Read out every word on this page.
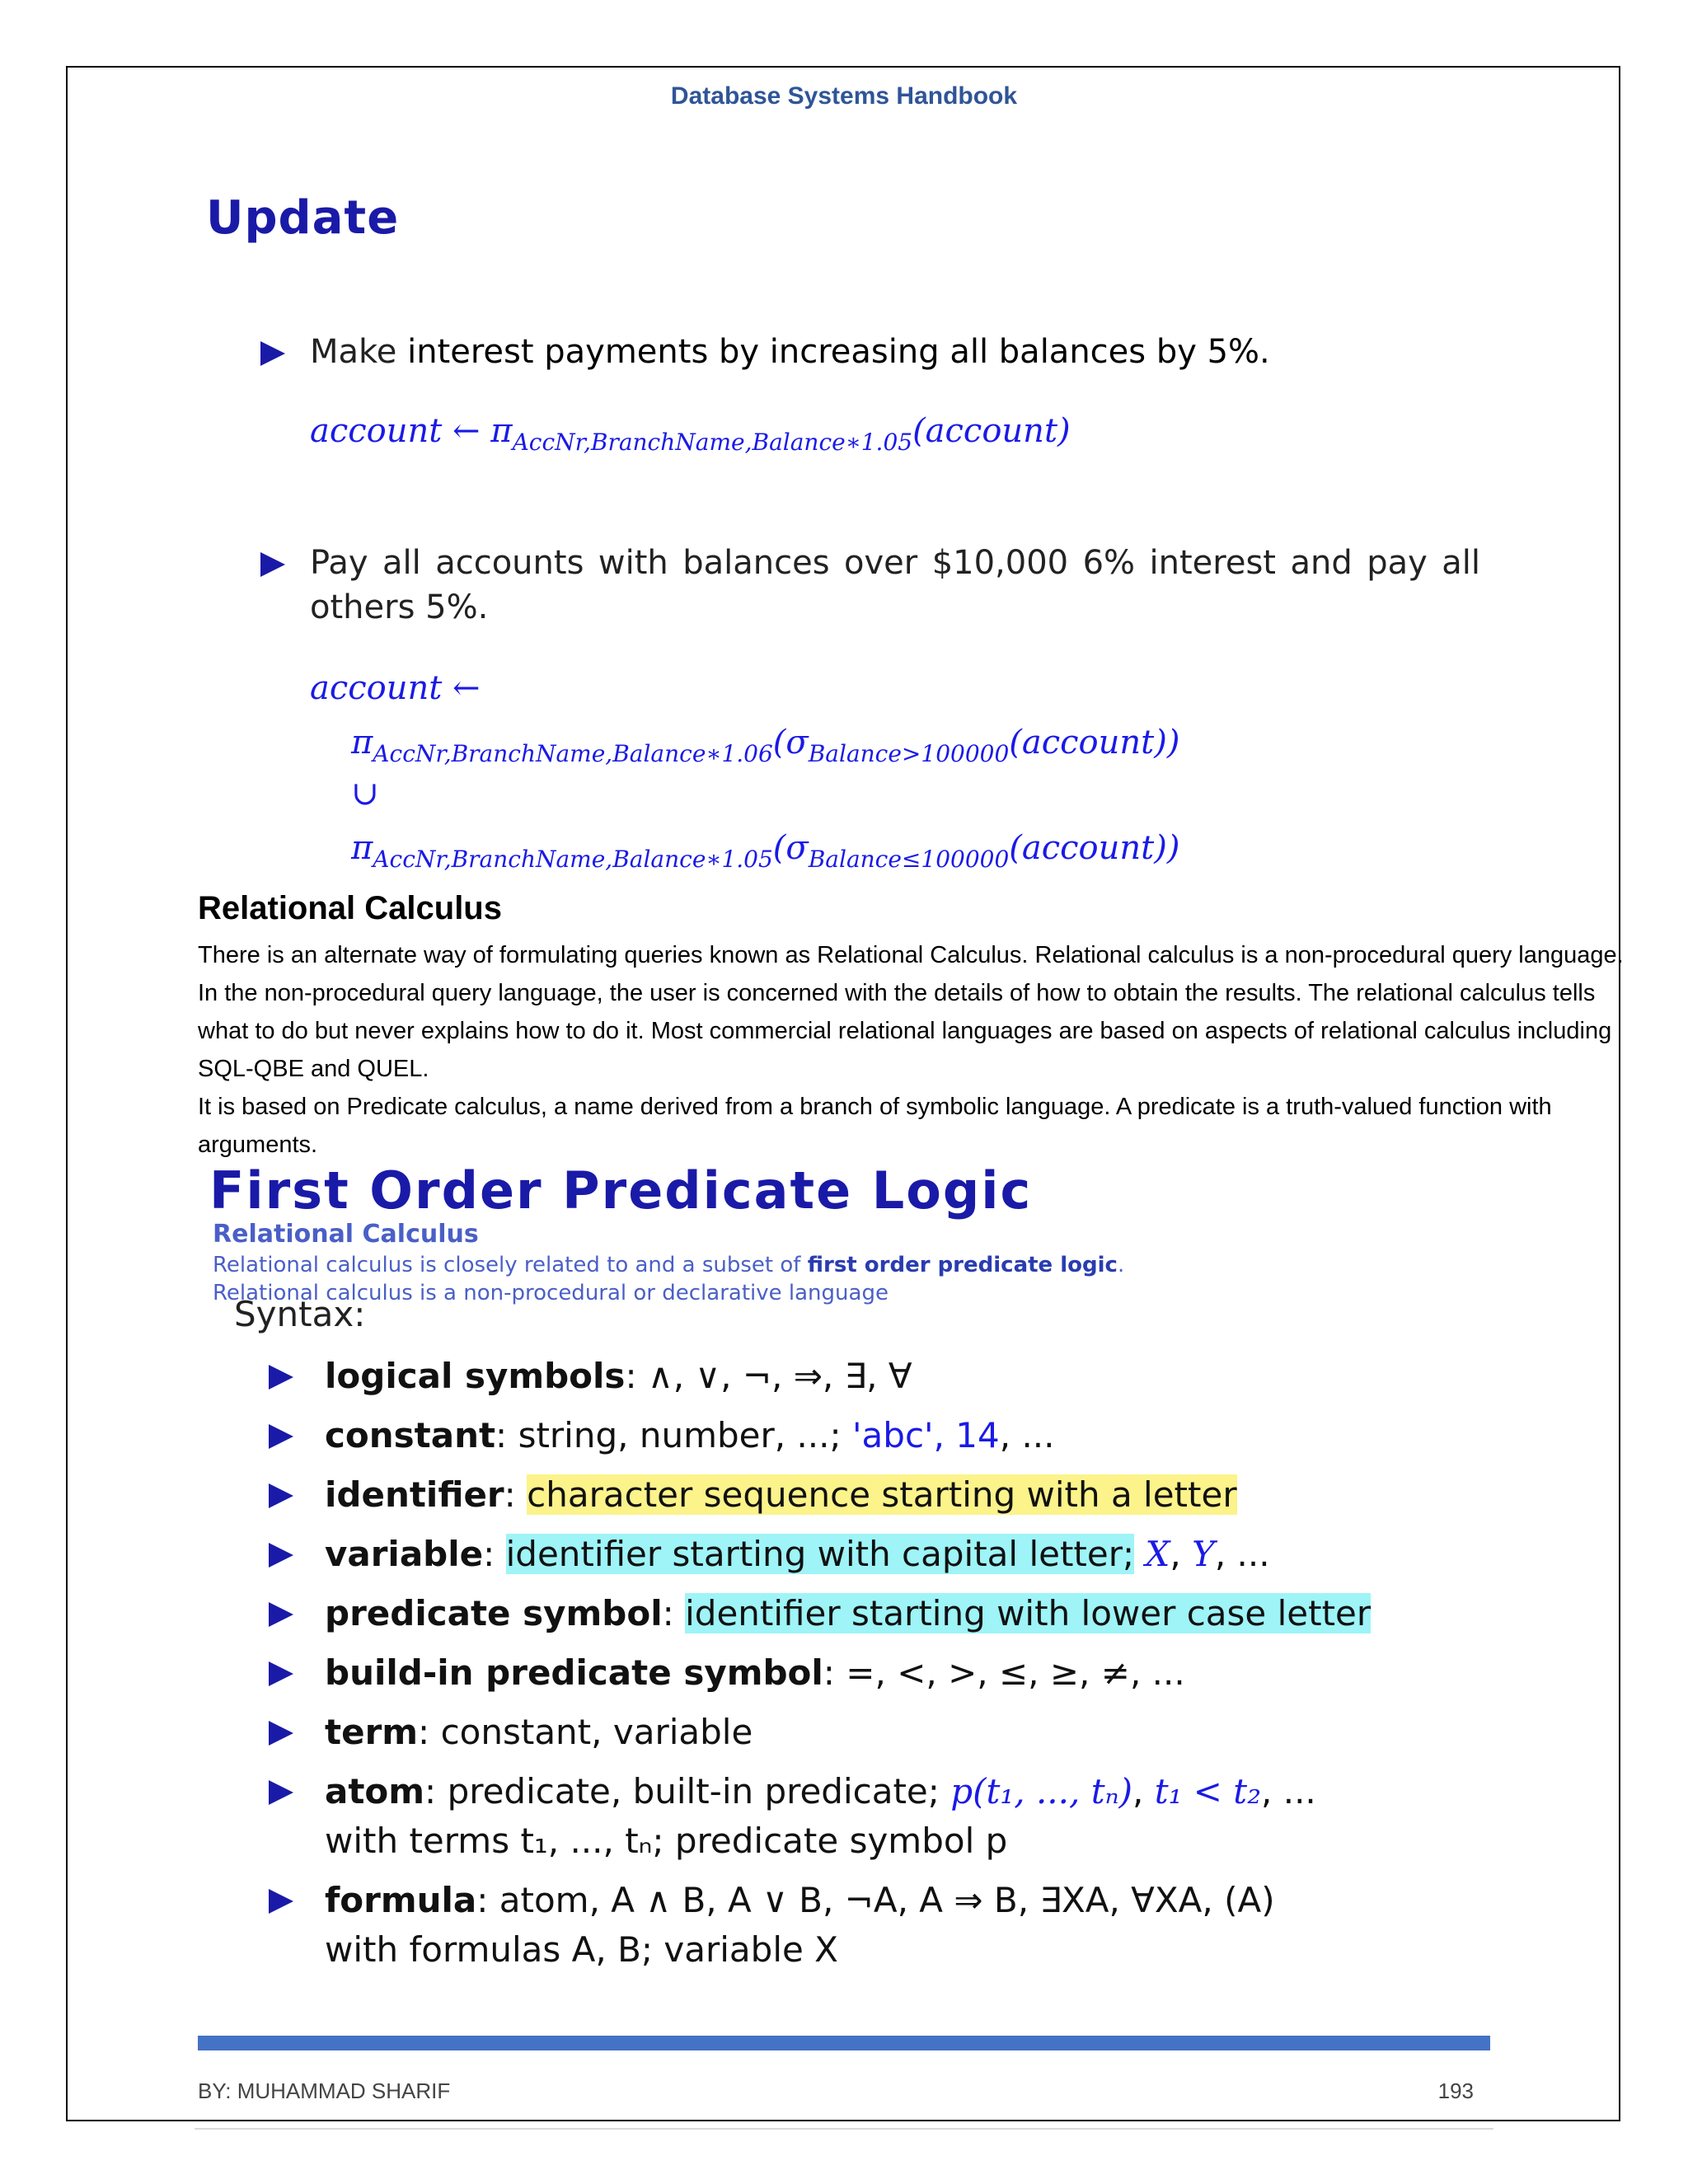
Database Systems Handbook
Update
Make interest payments by increasing all balances by 5%.
account ← $\pi_{AccNr,BranchName,Balance∗1.05}(account)$
Pay all accounts with balances over $10,000 6% interest and pay all
others 5%.
account ←
$\pi_{AccNr,BranchName,Balance∗1.06}(\sigma_{Balance>100000}(account))$
∪
$\pi_{AccNr,BranchName,Balance∗1.05}(\sigma_{Balance\le 100000}(account))$
Relational Calculus

There is an alternate way of formulating queries known as Relational Calculus. Relational calculus is a non-procedural query language. In the non-procedural query language, the user is concerned with the details of how to obtain the results. The relational calculus tells what to do but never explains how to do it. Most commercial relational languages are based on aspects of relational calculus including SQL-QBE and QUEL.

It is based on Predicate calculus, a name derived from a branch of symbolic language. A predicate is a truth-valued function with arguments.

First Order Predicate Logic
Relational Calculus
Relational calculus is closely related to and a subset of first order predicate logic.
Relational calculus is a non-procedural or declarative language
Syntax:
logical symbols: ∧, ∨, ¬, ⇒, ∃, ∀
constant: string, number, ...; 'abc', 14, ...
identifier: character sequence starting with a letter
variable: identifier starting with capital letter; X, Y, ...
predicate symbol: identifier starting with lower case letter
build-in predicate symbol: =, <, >, ≤, ≥, ≠, ...
term: constant, variable
atom: predicate, built-in predicate; p(t₁, ..., tₙ), t₁ < t₂, ...
with terms t₁, ..., tₙ; predicate symbol p
formula: atom, A ∧ B, A ∨ B, ¬A, A ⇒ B, ∃XA, ∀XA, (A)
with formulas A, B; variable X
BY: MUHAMMAD SHARIF	193
